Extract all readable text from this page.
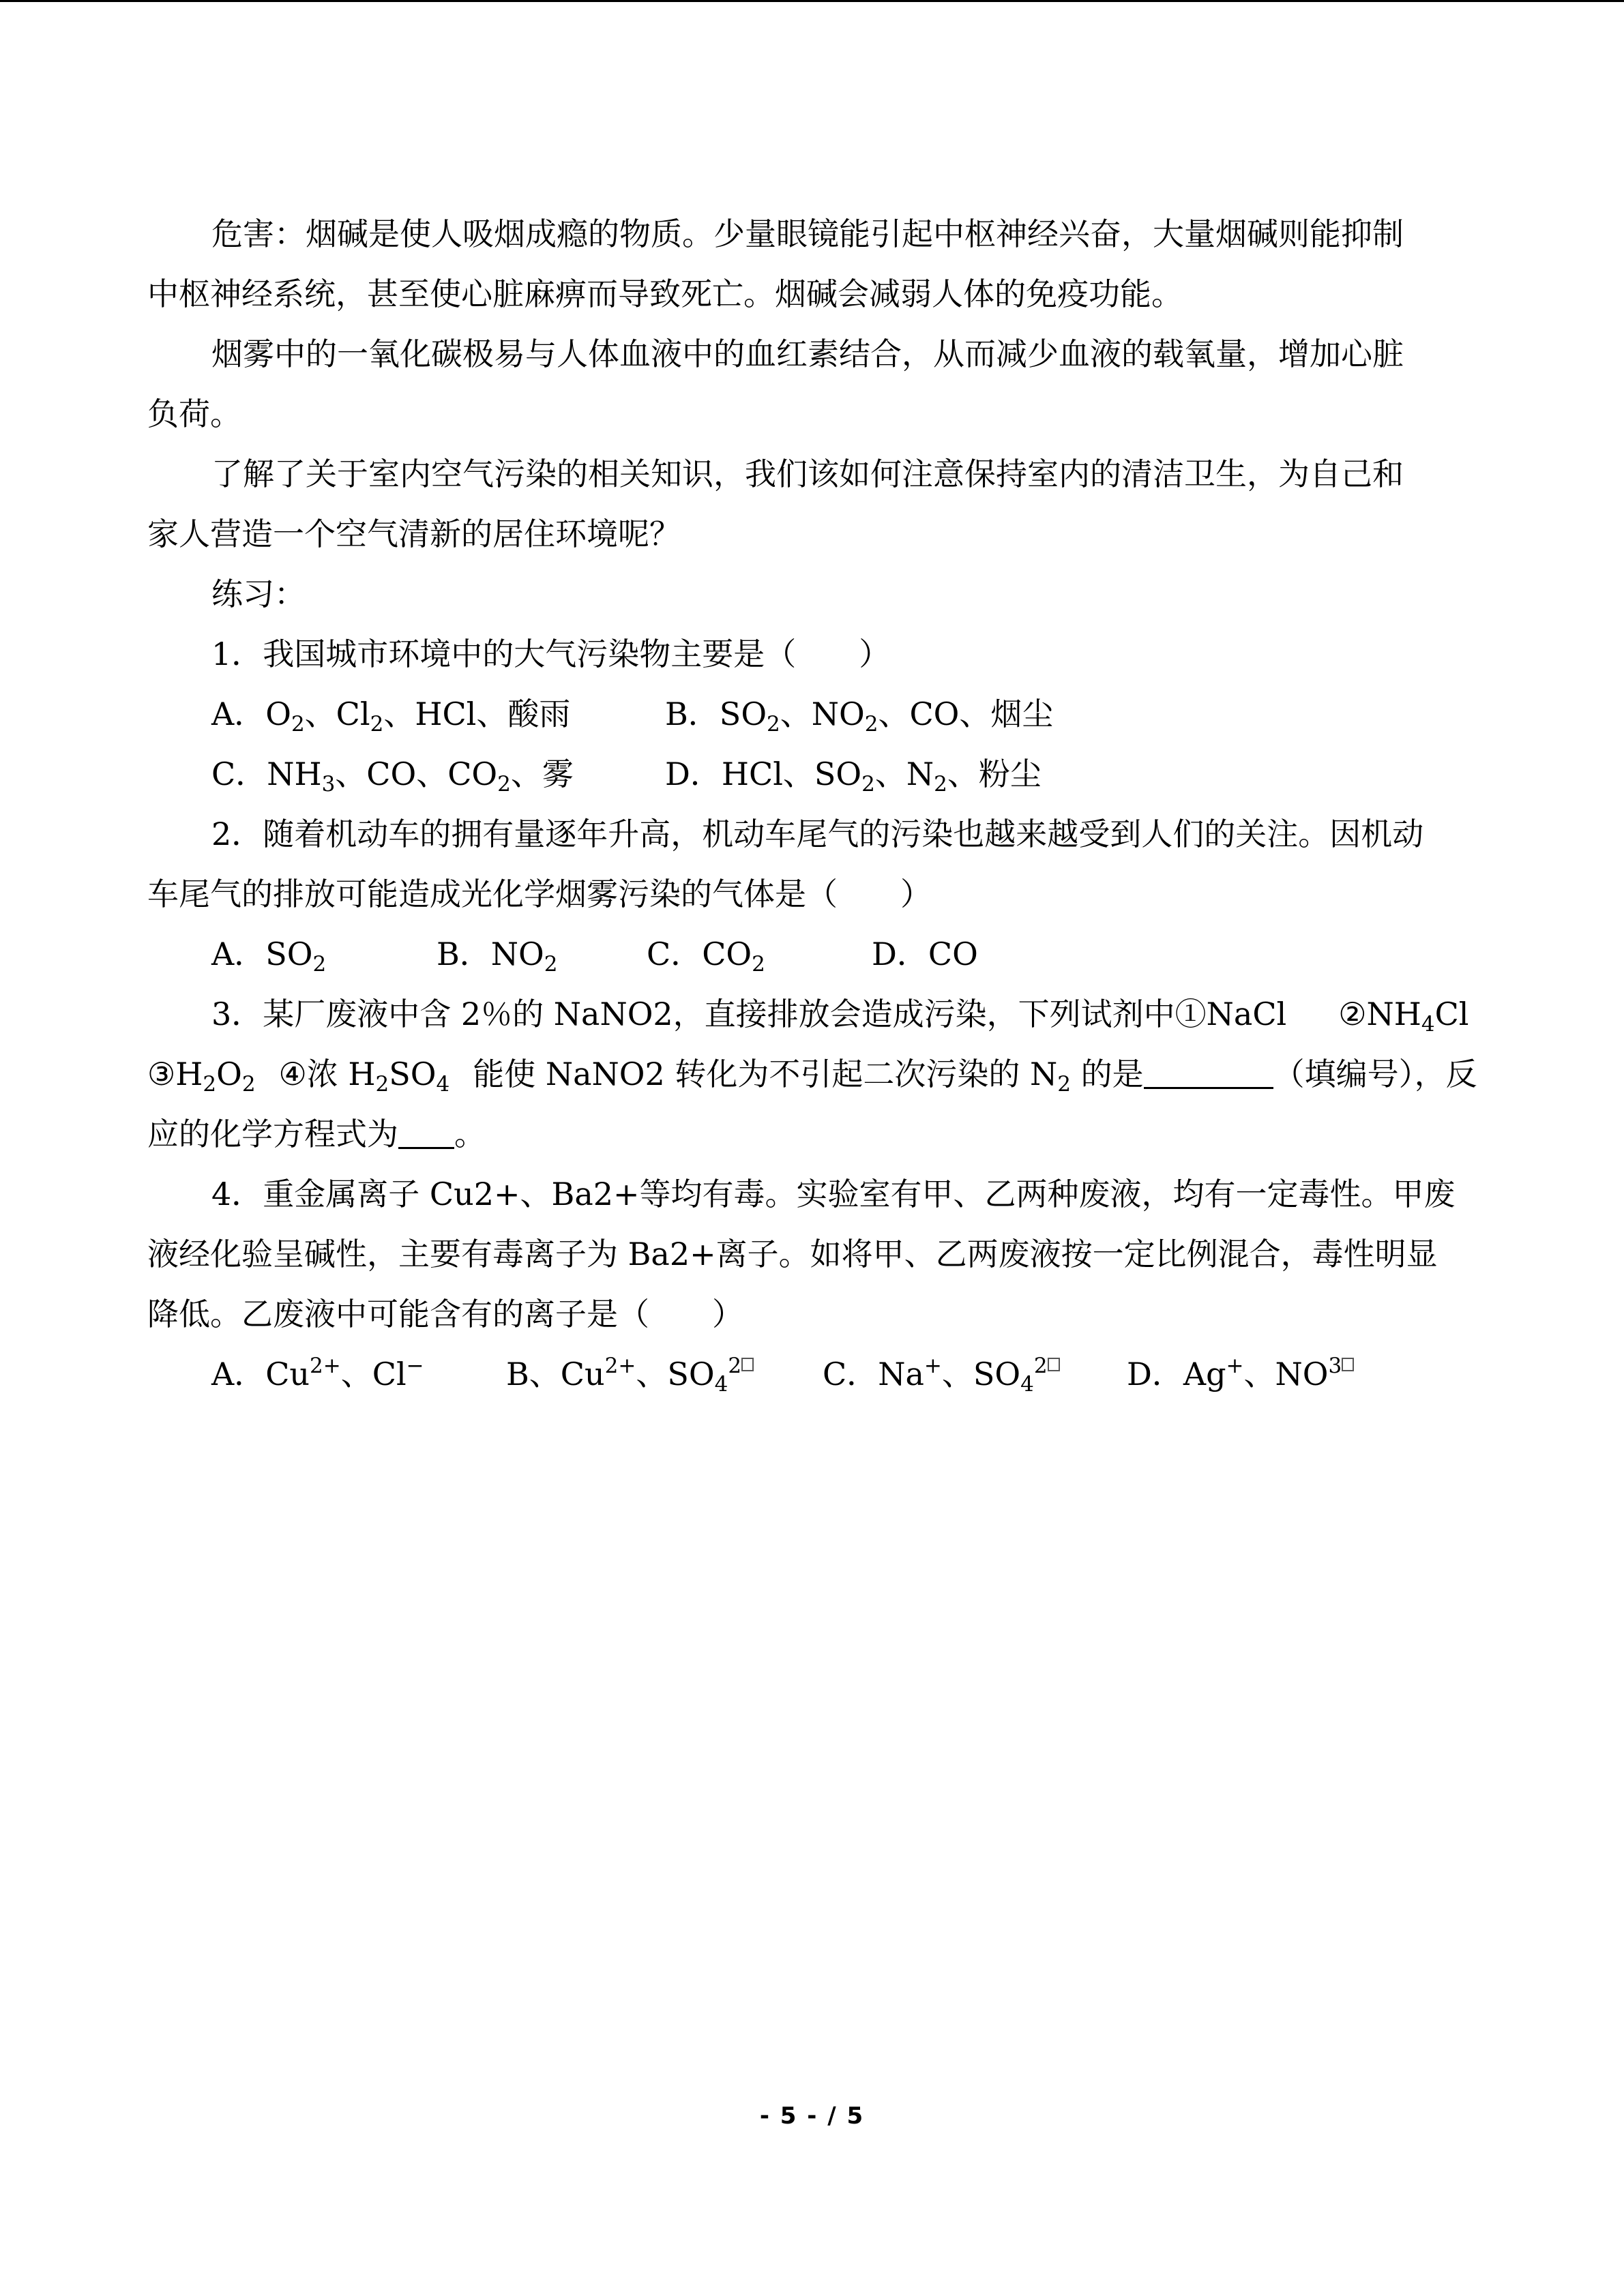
危害：烟碱是使人吸烟成瘾的物质。少量眼镜能引起中枢神经兴奋，大量烟碱则能抑制
中枢神经系统，甚至使心脏麻痹而导致死亡。烟碱会减弱人体的免疫功能。
烟雾中的一氧化碳极易与人体血液中的血红素结合，从而减少血液的载氧量，增加心脏
负荷。
了解了关于室内空气污染的相关知识，我们该如何注意保持室内的清洁卫生，为自己和
家人营造一个空气清新的居住环境呢？
练习：
1．我国城市环境中的大气污染物主要是（　　）
A．$O_2$、$Cl_2$、HCl、酸雨	B．$SO_2$、$NO_2$、CO、烟尘
C．$NH_3$、CO、$CO_2$、雾	D．HCl、$SO_2$、$N_2$、粉尘
2．随着机动车的拥有量逐年升高，机动车尾气的污染也越来越受到人们的关注。因机动
车尾气的排放可能造成光化学烟雾污染的气体是（　　）
A．$SO_2$	B．$NO_2$	C．$CO_2$	D．CO
3．某厂废液中含 2％的 NaNO2，直接排放会造成污染，下列试剂中①NaCl $②NH_4Cl$
$③H_2O_2$ ④浓 $H_2SO_4$ 能使 NaNO2 转化为不引起二次污染的 $N_2$ 的是	（填编号），反
应的化学方程式为 。
4．重金属离子 Cu2+、Ba2+等均有毒。实验室有甲、乙两种废液，均有一定毒性。甲废
液经化验呈碱性，主要有毒离子为 Ba2+离子。如将甲、乙两废液按一定比例混合，毒性明显
降低。乙废液中可能含有的离子是（　　）
A．$Cu^{2+}$、Cl−	B、$Cu^{2+}$、$SO_4^2$	C．Na+、$SO_4^2$	D．Ag+、$NO^3$
- 5 - / 5
